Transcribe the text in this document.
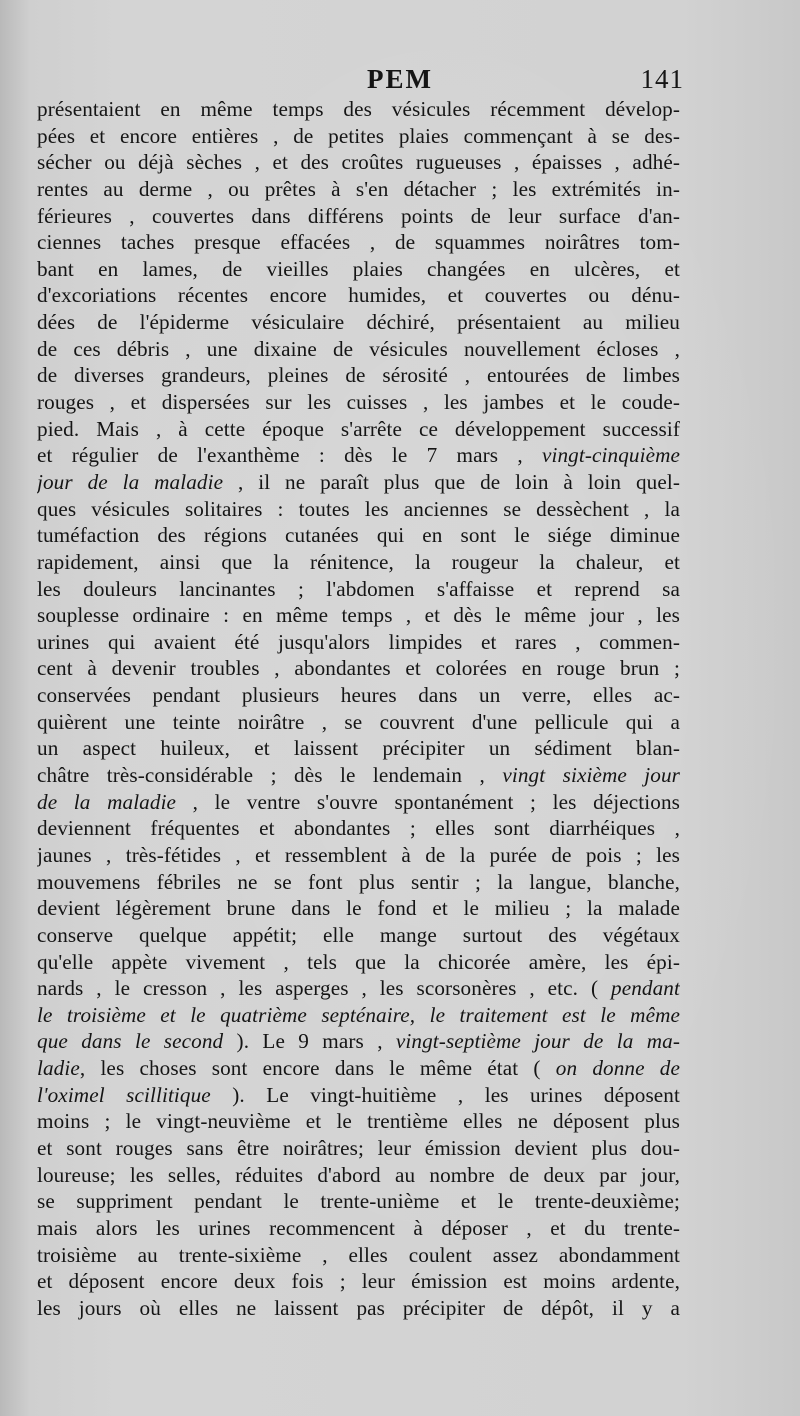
PEM	141
présentaient en même temps des vésicules récemment dévelop-
pées et encore entières , de petites plaies commençant à se des-
sécher ou déjà sèches , et des croûtes rugueuses , épaisses , adhé-
rentes au derme , ou prêtes à s'en détacher ; les extrémités in-
férieures , couvertes dans différens points de leur surface d'an-
ciennes taches presque effacées , de squammes noirâtres tom-
bant en lames, de vieilles plaies changées en ulcères, et
d'excoriations récentes encore humides, et couvertes ou dénu-
dées de l'épiderme vésiculaire déchiré, présentaient au milieu
de ces débris , une dixaine de vésicules nouvellement écloses ,
de diverses grandeurs, pleines de sérosité , entourées de limbes
rouges , et dispersées sur les cuisses , les jambes et le coude-
pied. Mais , à cette époque s'arrête ce développement successif
et régulier de l'exanthème : dès le 7 mars , vingt-cinquième
jour de la maladie , il ne paraît plus que de loin à loin quel-
ques vésicules solitaires : toutes les anciennes se dessèchent , la
tuméfaction des régions cutanées qui en sont le siége diminue
rapidement, ainsi que la rénitence, la rougeur la chaleur, et
les douleurs lancinantes ; l'abdomen s'affaisse et reprend sa
souplesse ordinaire : en même temps , et dès le même jour , les
urines qui avaient été jusqu'alors limpides et rares , commen-
cent à devenir troubles , abondantes et colorées en rouge brun ;
conservées pendant plusieurs heures dans un verre, elles ac-
quièrent une teinte noirâtre , se couvrent d'une pellicule qui a
un aspect huileux, et laissent précipiter un sédiment blan-
châtre très-considérable ; dès le lendemain , vingt sixième jour
de la maladie , le ventre s'ouvre spontanément ; les déjections
deviennent fréquentes et abondantes ; elles sont diarrhéiques ,
jaunes , très-fétides , et ressemblent à de la purée de pois ; les
mouvemens fébriles ne se font plus sentir ; la langue, blanche,
devient légèrement brune dans le fond et le milieu ; la malade
conserve quelque appétit; elle mange surtout des végétaux
qu'elle appète vivement , tels que la chicorée amère, les épi-
nards , le cresson , les asperges , les scorsonères , etc. ( pendant
le troisième et le quatrième septénaire, le traitement est le même
que dans le second ). Le 9 mars , vingt-septième jour de la ma-
ladie, les choses sont encore dans le même état ( on donne de
l'oximel scillitique ). Le vingt-huitième , les urines déposent
moins ; le vingt-neuvième et le trentième elles ne déposent plus
et sont rouges sans être noirâtres; leur émission devient plus dou-
loureuse; les selles, réduites d'abord au nombre de deux par jour,
se suppriment pendant le trente-unième et le trente-deuxième;
mais alors les urines recommencent à déposer , et du trente-
troisième au trente-sixième , elles coulent assez abondamment
et déposent encore deux fois ; leur émission est moins ardente,
les jours où elles ne laissent pas précipiter de dépôt, il y a
